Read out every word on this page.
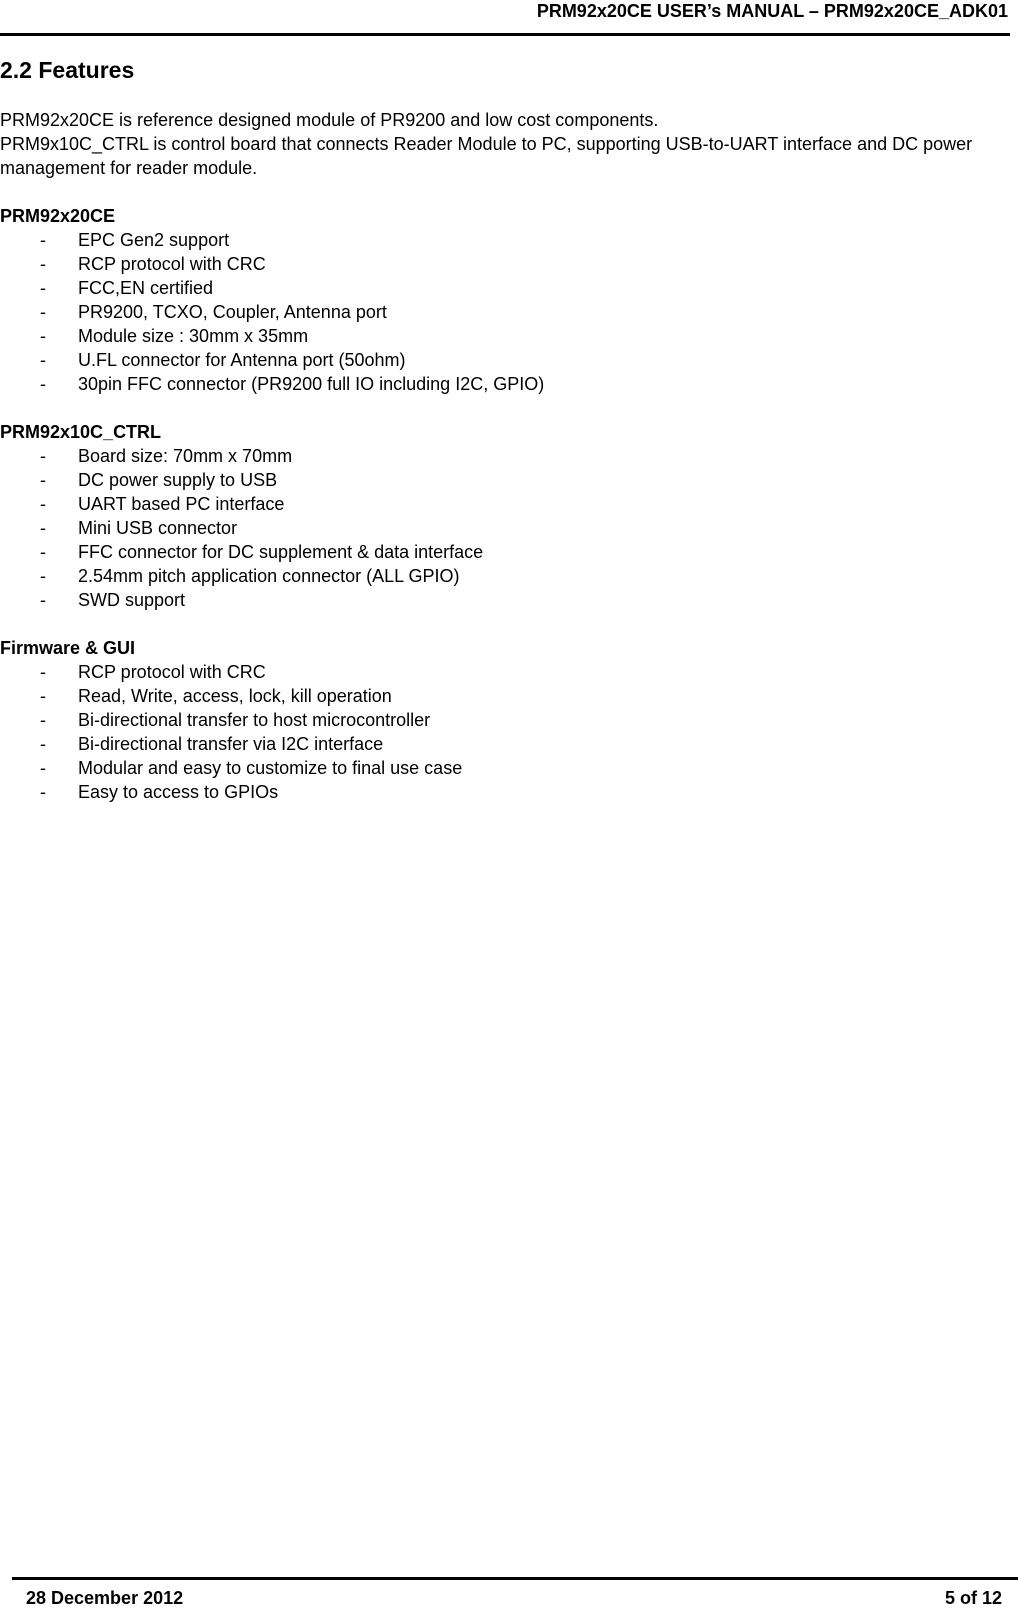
PRM92x20CE USER’s MANUAL – PRM92x20CE_ADK01
2.2 Features

PRM92x20CE is reference designed module of PR9200 and low cost components.

PRM9x10C_CTRL is control board that connects Reader Module to PC, supporting USB-to-UART interface and DC power management for reader module.

PRM92x20CE
- EPC Gen2 support
- RCP protocol with CRC
- FCC,EN certified
- PR9200, TCXO, Coupler, Antenna port
- Module size : 30mm x 35mm
- U.FL connector for Antenna port (50ohm)
- 30pin FFC connector (PR9200 full IO including I2C, GPIO)
PRM92x10C_CTRL
- Board size: 70mm x 70mm
- DC power supply to USB
- UART based PC interface
- Mini USB connector
- FFC connector for DC supplement & data interface
- 2.54mm pitch application connector (ALL GPIO)
- SWD support
Firmware & GUI
- RCP protocol with CRC
- Read, Write, access, lock, kill operation
- Bi-directional transfer to host microcontroller
- Bi-directional transfer via I2C interface
- Modular and easy to customize to final use case
- Easy to access to GPIOs
28 December 2012	5 of 12
